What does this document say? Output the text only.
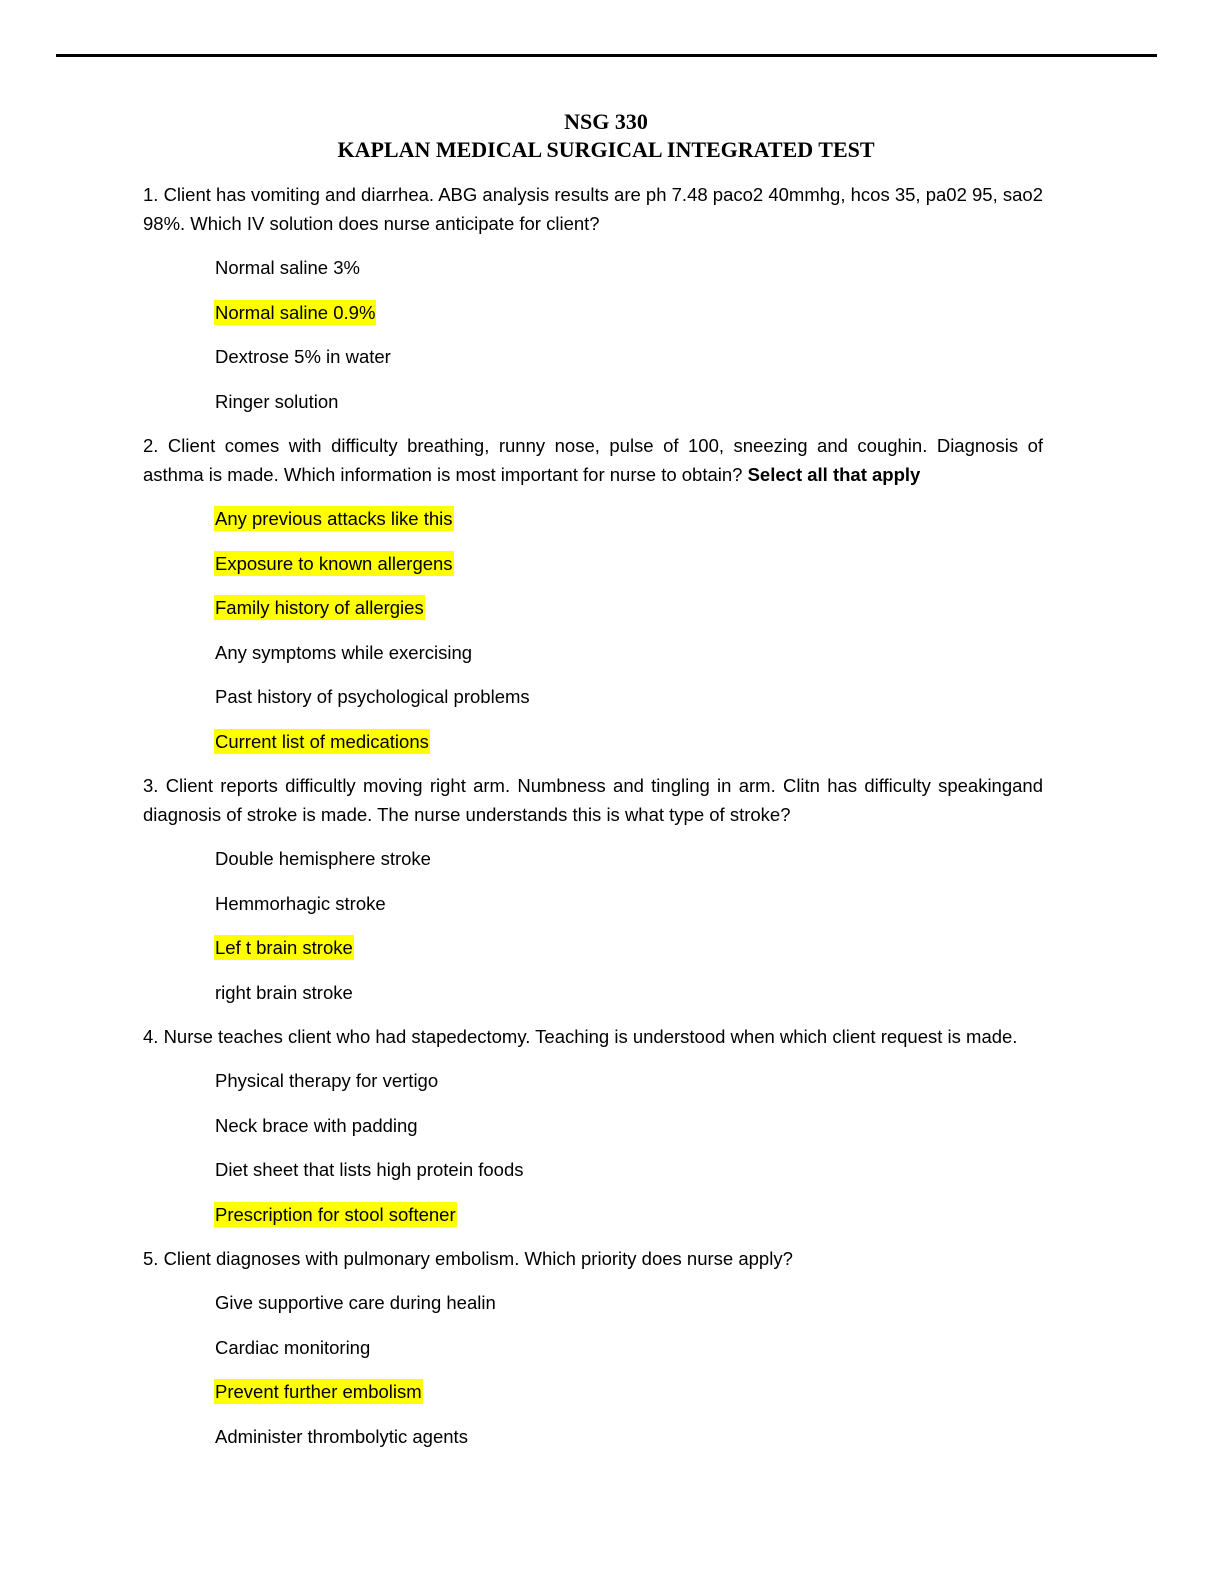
NSG 330
KAPLAN MEDICAL SURGICAL INTEGRATED TEST
1. Client has vomiting and diarrhea. ABG analysis results are ph 7.48 paco2 40mmhg, hcos 35, pa02 95, sao2 98%. Which IV solution does nurse anticipate for client?
Normal saline 3%
Normal saline 0.9%
Dextrose 5% in water
Ringer solution
2. Client comes with difficulty breathing, runny nose, pulse of 100, sneezing and coughin. Diagnosis of asthma is made. Which information is most important for nurse to obtain? Select all that apply
Any previous attacks like this
Exposure to known allergens
Family history of allergies
Any symptoms while exercising
Past history of psychological problems
Current list of medications
3. Client reports difficultly moving right arm. Numbness and tingling in arm. Clitn has difficulty speakingand diagnosis of stroke is made. The nurse understands this is what type of stroke?
Double hemisphere stroke
Hemmorhagic stroke
Lef t brain stroke
right brain stroke
4. Nurse teaches client who had stapedectomy. Teaching is understood when which client request is made.
Physical therapy for vertigo
Neck brace with padding
Diet sheet that lists high protein foods
Prescription for stool softener
5. Client diagnoses with pulmonary embolism. Which priority does nurse apply?
Give supportive care during healin
Cardiac monitoring
Prevent further embolism
Administer thrombolytic agents
